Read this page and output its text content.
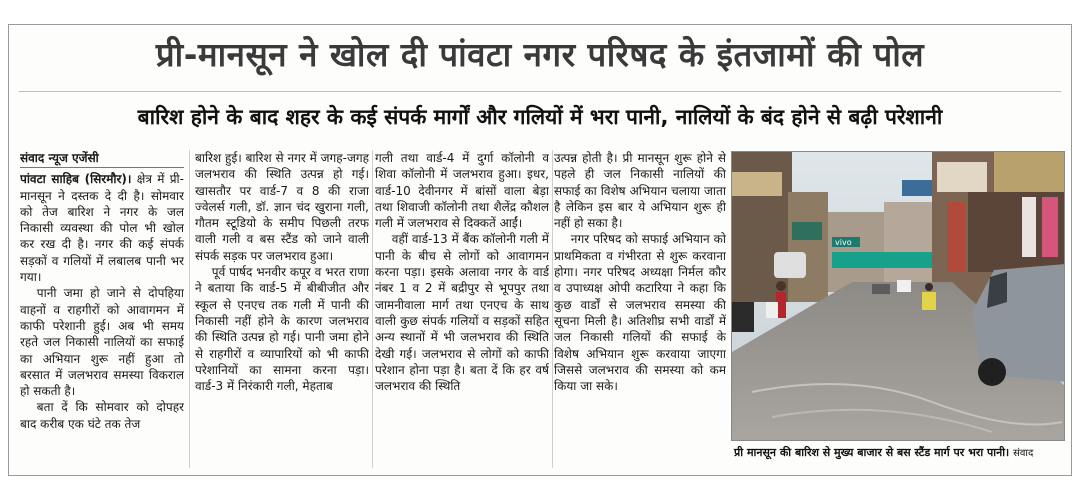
प्री-मानसून ने खोल दी पांवटा नगर परिषद के इंतजामों की पोल
बारिश होने के बाद शहर के कई संपर्क मार्गों और गलियों में भरा पानी, नालियों के बंद होने से बढ़ी परेशानी
संवाद न्यूज एजेंसी

पांवटा साहिब (सिरमौर)। क्षेत्र में प्री-मानसून ने दस्तक दे दी है। सोमवार को तेज बारिश ने नगर के जल निकासी व्यवस्था की पोल भी खोल कर रख दी है। नगर की कई संपर्क सड़कों व गलियों में लबालब पानी भर गया।

पानी जमा हो जाने से दोपहिया वाहनों व राहगीरों को आवागमन में काफी परेशानी हुई। अब भी समय रहते जल निकासी नालियों का सफाई का अभियान शुरू नहीं हुआ तो बरसात में जलभराव समस्या विकराल हो सकती है।

बता दें कि सोमवार को दोपहर बाद करीब एक घंटे तक तेज

बारिश हुई। बारिश से नगर में जगह-जगह जलभराव की स्थिति उत्पन्न हो गई। खासतौर पर वार्ड-7 व 8 की राजा ज्वेलर्स गली, डॉ. ज्ञान चंद खुराना गली, गौतम स्टूडियो के समीप पिछली तरफ वाली गली व बस स्टैंड को जाने वाली संपर्क सड़क पर जलभराव हुआ।

पूर्व पार्षद भनवीर कपूर व भरत राणा ने बताया कि वार्ड-5 में बीबीजीत और स्कूल से एनएच तक गली में पानी की निकासी नहीं होने के कारण जलभराव की स्थिति उत्पन्न हो गई। पानी जमा होने से राहगीरों व व्यापारियों को भी काफी परेशानियों का सामना करना पड़ा। वार्ड-3 में निरंकारी गली, मेहताब

गली तथा वार्ड-4 में दुर्गा कॉलोनी व शिवा कॉलोनी में जलभराव हुआ। इधर, वार्ड-10 देवीनगर में बांसों वाला बेड़ा तथा शिवाजी कॉलोनी तथा शैलेंद्र कौशल गली में जलभराव से दिक्कतें आईं।

वहीं वार्ड-13 में बैंक कॉलोनी गली में पानी के बीच से लोगों को आवागमन करना पड़ा। इसके अलावा नगर के वार्ड नंबर 1 व 2 में बद्रीपुर से भूपपुर तथा जामनीवाला मार्ग तथा एनएच के साथ वाली कुछ संपर्क गलियों व सड़कों सहित अन्य स्थानों में भी जलभराव की स्थिति देखी गई। जलभराव से लोगों को काफी परेशान होना पड़ा है। बता दें कि हर वर्ष जलभराव की स्थिति

उत्पन्न होती है। प्री मानसून शुरू होने से पहले ही जल निकासी नालियों की सफाई का विशेष अभियान चलाया जाता है लेकिन इस बार ये अभियान शुरू ही नहीं हो सका है।

नगर परिषद को सफाई अभियान को प्राथमिकता व गंभीरता से शुरू करवाना होगा। नगर परिषद अध्यक्षा निर्मल कौर व उपाध्यक्ष ओपी कटारिया ने कहा कि कुछ वार्डों से जलभराव समस्या की सूचना मिली है। अतिशीघ्र सभी वार्डों में जल निकासी गलियों की सफाई के विशेष अभियान शुरू करवाया जाएगा जिससे जलभराव की समस्या को कम किया जा सके।

vivo
प्री मानसून की बारिश से मुख्य बाजार से बस स्टैंड मार्ग पर भरा पानी। संवाद
